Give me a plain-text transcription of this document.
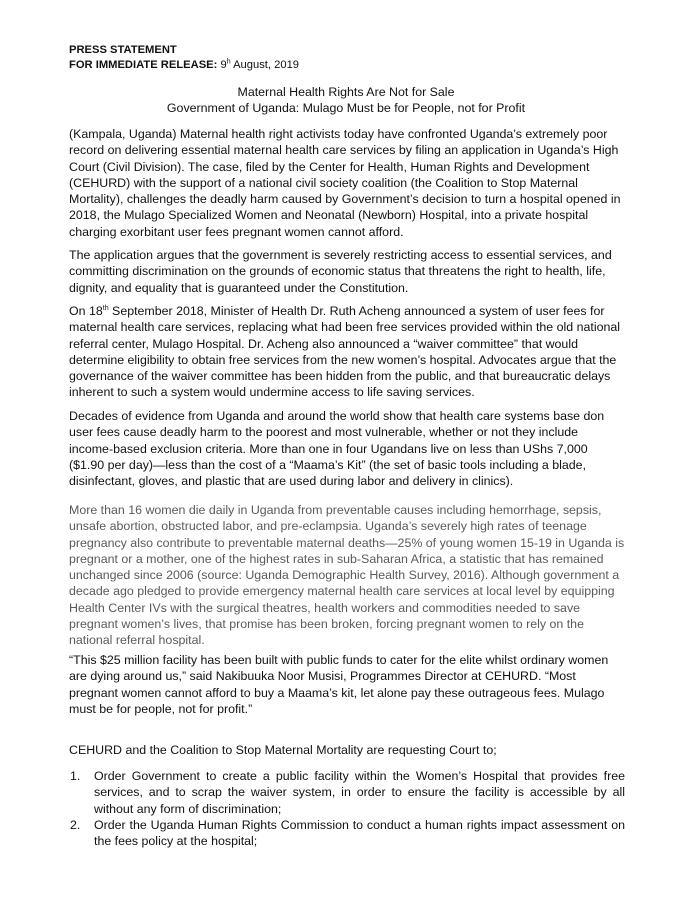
PRESS STATEMENT
FOR IMMEDIATE RELEASE: 9$^h$ August, 2019
Maternal Health Rights Are Not for Sale
Government of Uganda: Mulago Must be for People, not for Profit

(Kampala, Uganda) Maternal health right activists today have confronted Uganda’s extremely poor record on delivering essential maternal health care services by filing an application in Uganda’s High Court (Civil Division). The case, filed by the Center for Health, Human Rights and Development (CEHURD) with the support of a national civil society coalition (the Coalition to Stop Maternal Mortality), challenges the deadly harm caused by Government’s decision to turn a hospital opened in 2018, the Mulago Specialized Women and Neonatal (Newborn) Hospital, into a private hospital charging exorbitant user fees pregnant women cannot afford.

The application argues that the government is severely restricting access to essential services, and committing discrimination on the grounds of economic status that threatens the right to health, life, dignity, and equality that is guaranteed under the Constitution.

On 18th September 2018, Minister of Health Dr. Ruth Acheng announced a system of user fees for maternal health care services, replacing what had been free services provided within the old national referral center, Mulago Hospital. Dr. Acheng also announced a “waiver committee” that would determine eligibility to obtain free services from the new women’s hospital. Advocates argue that the governance of the waiver committee has been hidden from the public, and that bureaucratic delays inherent to such a system would undermine access to life saving services.

Decades of evidence from Uganda and around the world show that health care systems base don user fees cause deadly harm to the poorest and most vulnerable, whether or not they include income-based exclusion criteria. More than one in four Ugandans live on less than UShs 7,000 ($1.90 per day)—less than the cost of a “Maama’s Kit” (the set of basic tools including a blade, disinfectant, gloves, and plastic that are used during labor and delivery in clinics).

More than 16 women die daily in Uganda from preventable causes including hemorrhage, sepsis, unsafe abortion, obstructed labor, and pre-eclampsia. Uganda’s severely high rates of teenage pregnancy also contribute to preventable maternal deaths—25% of young women 15-19 in Uganda is pregnant or a mother, one of the highest rates in sub-Saharan Africa, a statistic that has remained unchanged since 2006 (source: Uganda Demographic Health Survey, 2016). Although government a decade ago pledged to provide emergency maternal health care services at local level by equipping Health Center IVs with the surgical theatres, health workers and commodities needed to save pregnant women’s lives, that promise has been broken, forcing pregnant women to rely on the national referral hospital.

“This $25 million facility has been built with public funds to cater for the elite whilst ordinary women are dying around us,” said Nakibuuka Noor Musisi, Programmes Director at CEHURD. “Most pregnant women cannot afford to buy a Maama’s kit, let alone pay these outrageous fees. Mulago must be for people, not for profit.”

CEHURD and the Coalition to Stop Maternal Mortality are requesting Court to;

1. Order Government to create a public facility within the Women’s Hospital that provides free services, and to scrap the waiver system, in order to ensure the facility is accessible by all without any form of discrimination;
2. Order the Uganda Human Rights Commission to conduct a human rights impact assessment on the fees policy at the hospital;
